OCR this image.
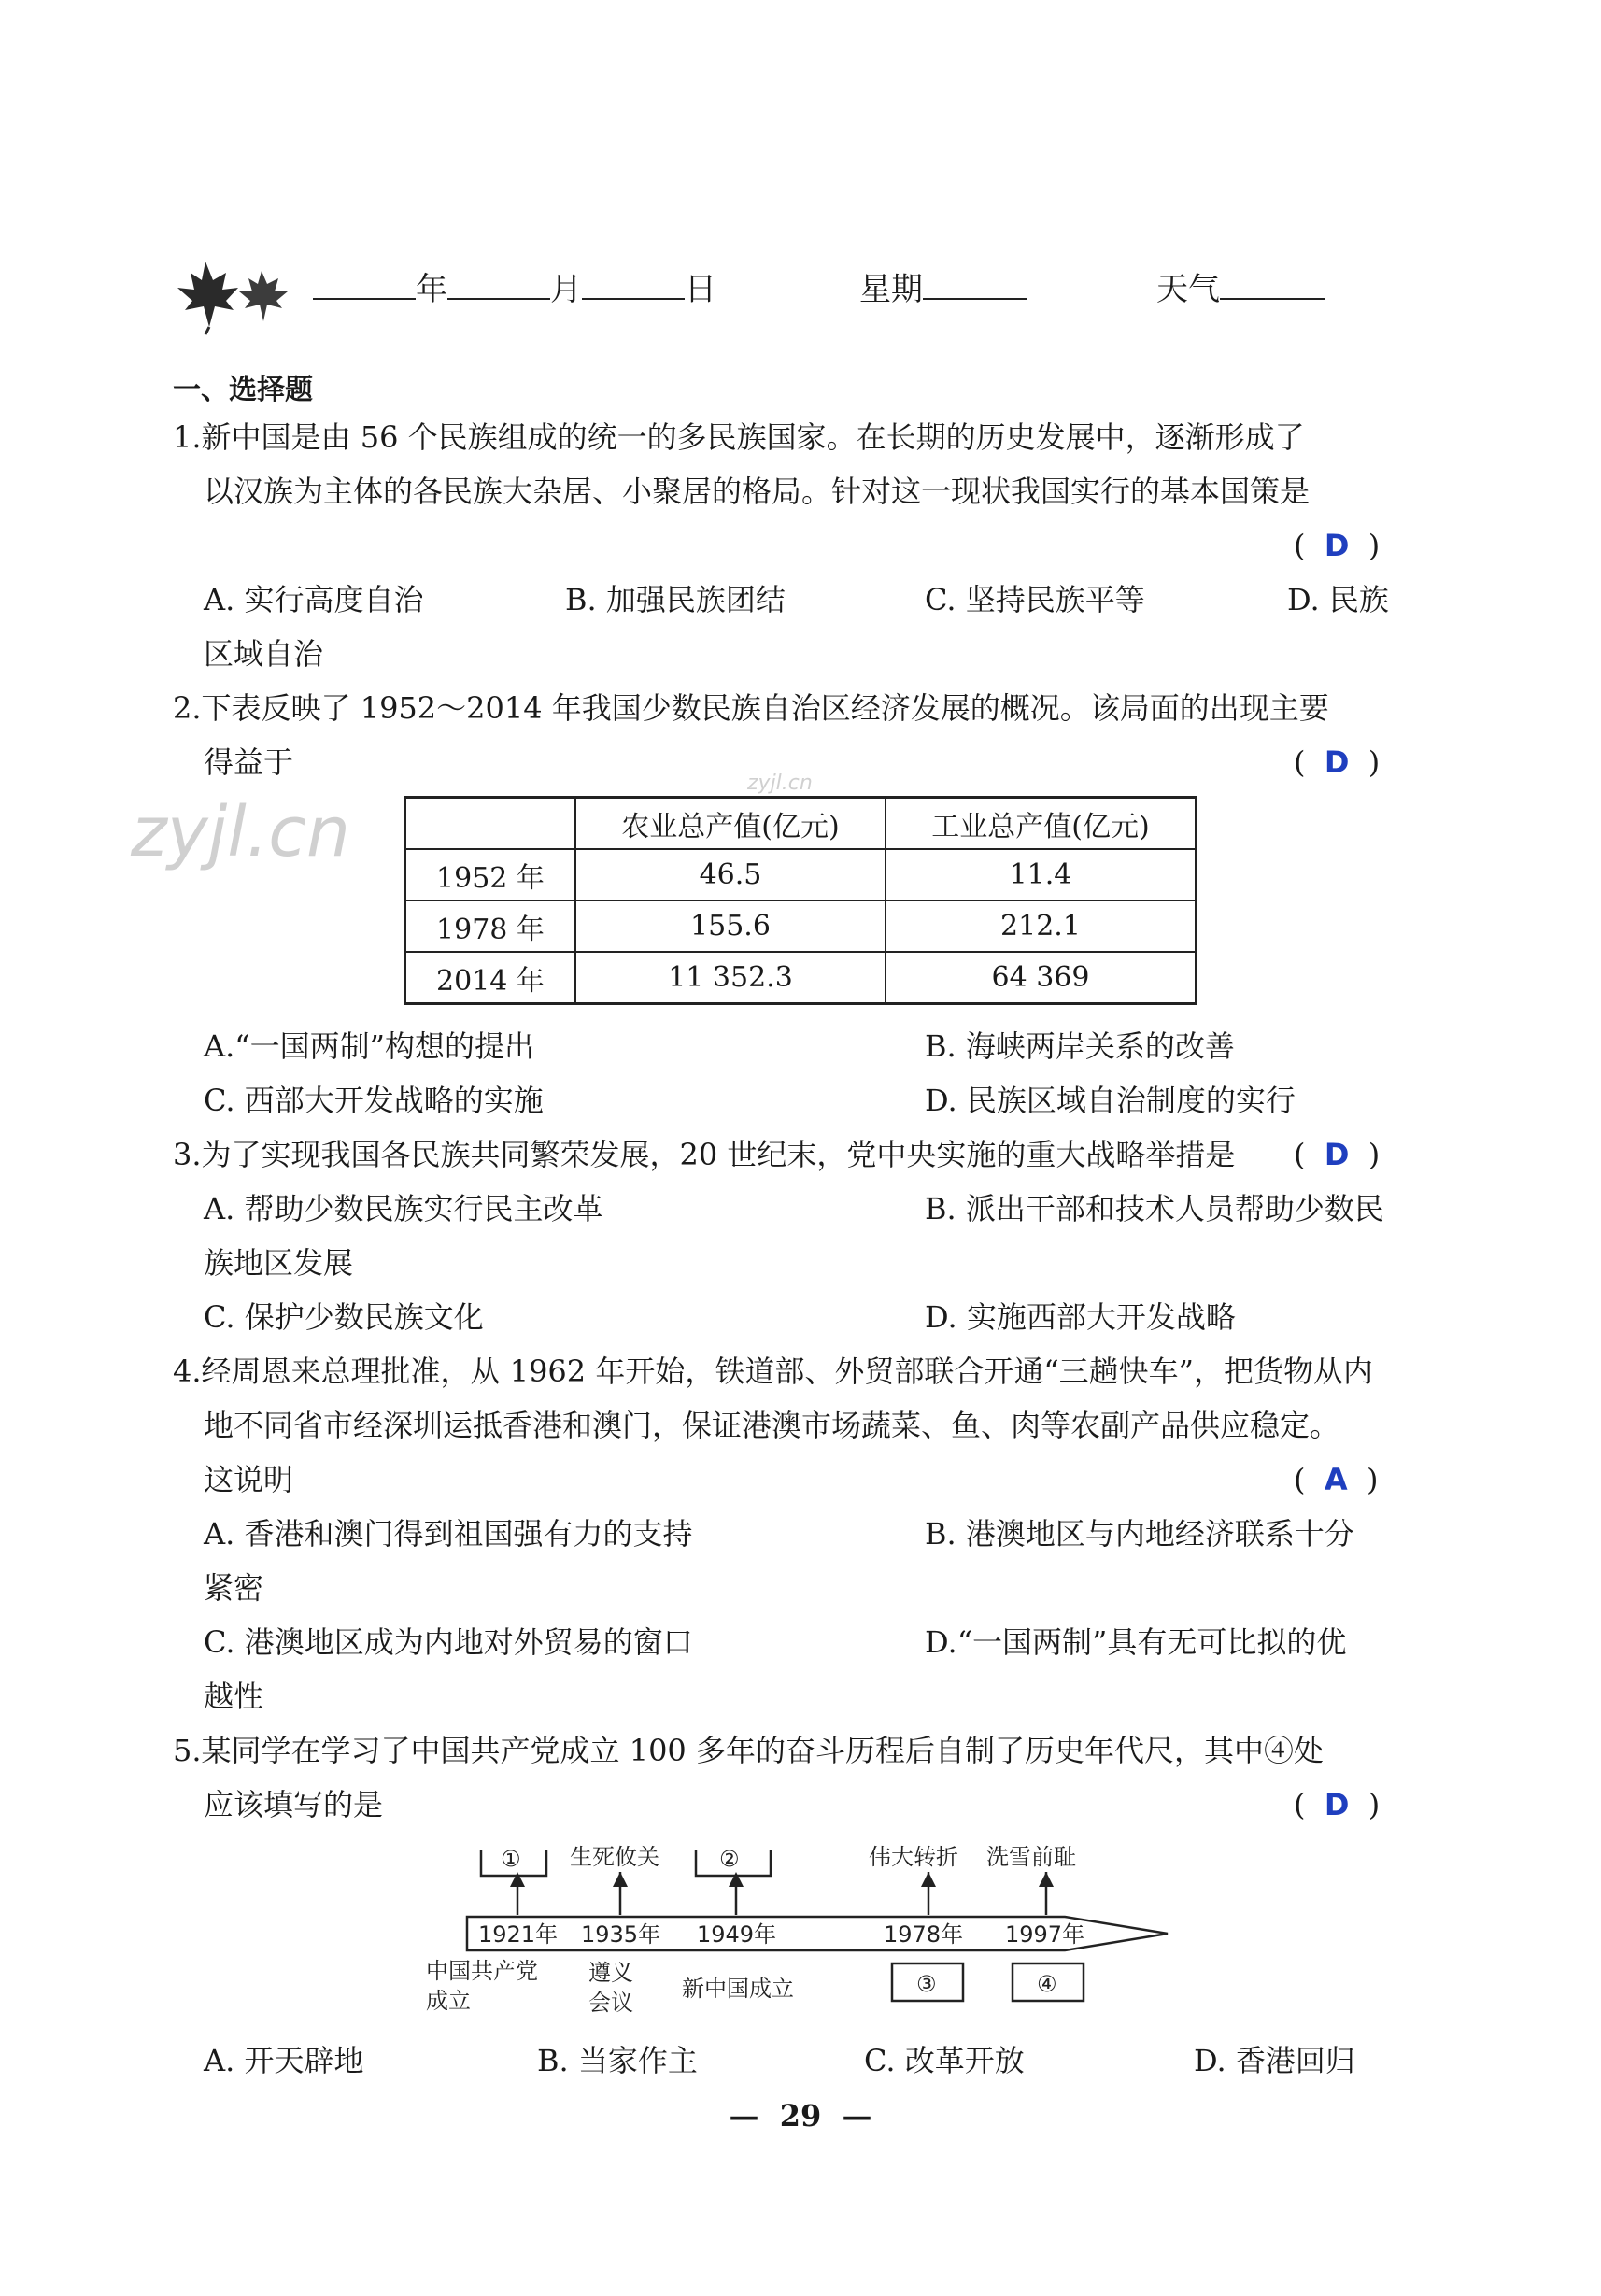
年	月	日	星期	天气
一、选择题
zyjl.cn
zyjl.cn
1.新中国是由 56 个民族组成的统一的多民族国家。在长期的历史发展中，逐渐形成了
以汉族为主体的各民族大杂居、小聚居的格局。针对这一现状我国实行的基本国策是
(  D  )
A. 实行高度自治	B. 加强民族团结	C. 坚持民族平等	D. 民族
区域自治
2.下表反映了 1952～2014 年我国少数民族自治区经济发展的概况。该局面的出现主要
得益于	(  D  )
	农业总产值(亿元)	工业总产值(亿元)
1952 年	46.5	11.4
1978 年	155.6	212.1
2014 年	11 352.3	64 369
A.“一国两制”构想的提出	B. 海峡两岸关系的改善
C. 西部大开发战略的实施	D. 民族区域自治制度的实行
3.为了实现我国各民族共同繁荣发展，20 世纪末，党中央实施的重大战略举措是 (  D  )
A. 帮助少数民族实行民主改革	B. 派出干部和技术人员帮助少数民
族地区发展
C. 保护少数民族文化	D. 实施西部大开发战略
4.经周恩来总理批准，从 1962 年开始，铁道部、外贸部联合开通“三趟快车”，把货物从内
地不同省市经深圳运抵香港和澳门，保证港澳市场蔬菜、鱼、肉等农副产品供应稳定。
这说明	(  A  )
A. 香港和澳门得到祖国强有力的支持	B. 港澳地区与内地经济联系十分
紧密
C. 港澳地区成为内地对外贸易的窗口	D.“一国两制”具有无可比拟的优
越性
5.某同学在学习了中国共产党成立 100 多年的奋斗历程后自制了历史年代尺，其中④处
应该填写的是	(  D  )
① 生死攸关	②	伟大转折 洗雪前耻
1921年 1935年 1949年	1978年 1997年
中国共产党
成立
遵义
会议
新中国成立	③	④
A. 开天辟地	B. 当家作主	C. 改革开放	D. 香港回归
—  29  —
